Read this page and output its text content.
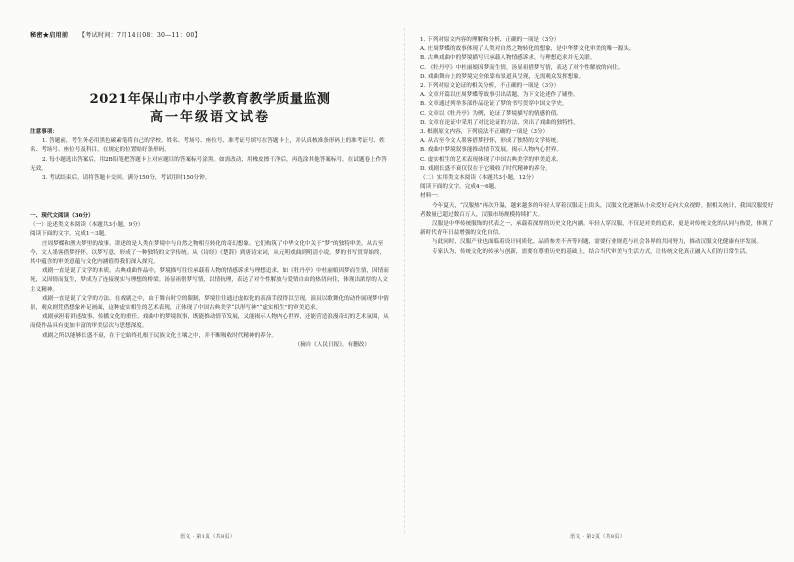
秘密★启用前 【考试时间：7月14日08：30—11：00】
2021年保山市中小学教育教学质量监测
高一年级语文试卷
注意事项：
1. 答题前，考生务必用黑色碳素笔将自己的学校、姓名、考场号、座位号、准考证号填写在答题卡上，并认真核准条形码上的准考证号、姓名、考场号、座位号及科目，在规定的位置贴好条形码。
2. 每小题选出答案后，用2B铅笔把答题卡上对应题目的答案标号涂黑。如需改动，用橡皮擦干净后，再选涂其他答案标号。在试题卷上作答无效。
3. 考试结束后，请将答题卡交回。满分150分，考试用时150分钟。
一、现代文阅读（36分）
（一）论述类文本阅读（本题共3小题，9分）
阅读下面的文字，完成1～3题。
庄周梦蝶和渔夫梦里的故事，讲述的是人类在梦境中与自然之物相互转化的奇幻想象。它们构筑了中华文化中关于“梦”的独特审美。从古至今，文人墨客借梦抒怀，以梦写意，形成了一种独特的文学传统。从《诗经》《楚辞》到唐诗宋词，从元明戏曲到明清小说，梦的书写贯穿始终，其中蕴含的审美意蕴与文化内涵值得我们深入探究。
戏剧一直是说了文学的本质。古典戏曲作品中，梦境描写往往承载着人物的情感诉求与理想追求，如《牡丹亭》中杜丽娘因梦而生情，因情而死，又因情而复生，梦成为了连接现实与理想的桥梁。汤显祖借梦写情，以情抗理，表达了对个性解放与爱情自由的热切向往，体现出浓厚的人文主义精神。
戏剧一直是说了文学的方法。在戏剧之中，由于舞台时空的限制，梦境往往通过虚拟化的表演手段得以呈现，演员以歌舞化的动作展现梦中情景，观众则凭借想象补足画面，这种虚实相生的艺术表现，正体现了中国古典美学“以形写神”“虚实相生”的审美追求。
戏剧承担着讲述故事、传播文化的重任。戏曲中的梦境叙事，既能推动情节发展，又能揭示人物内心世界，还能营造浪漫奇幻的艺术氛围，从而使作品具有更加丰富的审美层次与思想深度。
戏剧之所以能够长盛不衰，在于它始终扎根于民族文化土壤之中，并不断吸收时代精神的养分。
（摘自《人民日报》，有删改）
1. 下列对原文内容的理解和分析，正确的一项是（3分）
A. 庄周梦蝶的故事体现了人类对自然之物转化的想象，是中华梦文化审美的唯一源头。
B. 古典戏曲中的梦境描写只承载人物情感诉求，与理想追求并无关联。
C. 《牡丹亭》中杜丽娘因梦而生情，汤显祖借梦写情，表达了对个性解放的向往。
D. 戏曲舞台上的梦境完全依靠布景道具呈现，无需观众发挥想象。
2. 下列对原文论证的相关分析，不正确的一项是（3分）
A. 文章开篇以庄周梦蝶等故事引出话题，为下文论述作了铺垫。
B. 文章通过列举多部作品论证了梦的书写贯穿中国文学史。
C. 文章以《牡丹亭》为例，论证了梦境描写的情感价值。
D. 文章在论证中采用了对比论证的方法，突出了戏曲的独特性。
3. 根据原文内容，下列说法不正确的一项是（3分）
A. 从古至今文人墨客借梦抒怀，形成了独特的文学传统。
B. 戏曲中梦境叙事能推动情节发展，揭示人物内心世界。
C. 虚实相生的艺术表现体现了中国古典美学的审美追求。
D. 戏剧长盛不衰仅仅在于它吸收了时代精神的养分。
（二）实用类文本阅读（本题共3小题，12分）
阅读下面的文字，完成4～6题。
材料一：
今年夏天，“汉服热”再次升温，越来越多的年轻人穿着汉服走上街头，汉服文化逐渐从小众爱好走向大众视野。据相关统计，我国汉服爱好者数量已超过数百万人，汉服市场规模持续扩大。
汉服是中华传统服饰的代表之一，承载着深厚的历史文化内涵。年轻人穿汉服，不仅是对美的追求，更是对传统文化的认同与热爱，体现了新时代青年日益增强的文化自信。
与此同时，汉服产业也面临着设计同质化、品质参差不齐等问题，需要行业规范与社会各界的共同努力，推动汉服文化健康有序发展。
专家认为，传统文化的传承与创新，需要在尊重历史的基础上，结合当代审美与生活方式，让传统文化真正融入人们的日常生活。
语文 · 第1页（共8页）	语文 · 第2页（共8页）
